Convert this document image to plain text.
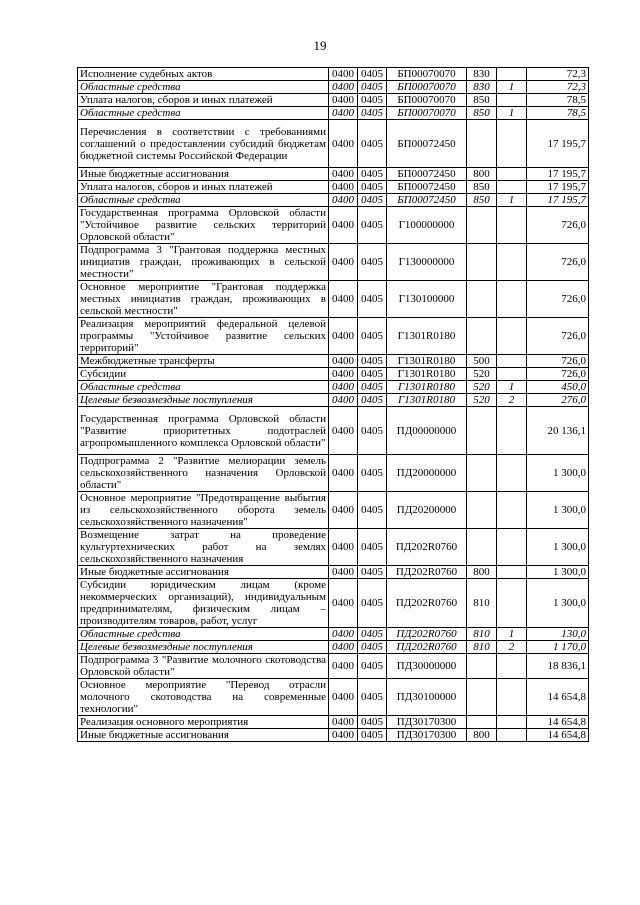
19
Исполнение судебных актов	0400	0405	БП00070070	830		72,3
Областные средства	0400	0405	БП00070070	830	1	72,3
Уплата налогов, сборов и иных платежей	0400	0405	БП00070070	850		78,5
Областные средства	0400	0405	БП00070070	850	1	78,5
Перечисления в соответствии с требованиями соглашений о предоставлении субсидий бюджетам бюджетной системы Российской Федерации	0400	0405	БП00072450			17 195,7
Иные бюджетные ассигнования	0400	0405	БП00072450	800		17 195,7
Уплата налогов, сборов и иных платежей	0400	0405	БП00072450	850		17 195,7
Областные средства	0400	0405	БП00072450	850	1	17 195,7
Государственная программа Орловской области "Устойчивое развитие сельских территорий Орловской области"	0400	0405	Г100000000			726,0
Подпрограмма 3 "Грантовая поддержка местных инициатив граждан, проживающих в сельской местности"	0400	0405	Г130000000			726,0
Основное мероприятие "Грантовая поддержка местных инициатив граждан, проживающих в сельской местности"	0400	0405	Г130100000			726,0
Реализация мероприятий федеральной целевой программы "Устойчивое развитие сельских территорий"	0400	0405	Г1301R0180			726,0
Межбюджетные трансферты	0400	0405	Г1301R0180	500		726,0
Субсидии	0400	0405	Г1301R0180	520		726,0
Областные средства	0400	0405	Г1301R0180	520	1	450,0
Целевые безвозмездные поступления	0400	0405	Г1301R0180	520	2	276,0
Государственная программа Орловской области "Развитие приоритетных подотраслей агропромышленного комплекса Орловской области"	0400	0405	ПД00000000			20 136,1
Подпрограмма 2 "Развитие мелиорации земель сельскохозяйственного назначения Орловской области"	0400	0405	ПД20000000			1 300,0
Основное мероприятие "Предотвращение выбытия из сельскохозяйственного оборота земель сельскохозяйственного назначения"	0400	0405	ПД20200000			1 300,0
Возмещение затрат на проведение культуртехнических работ на землях сельскохозяйственного назначения	0400	0405	ПД202R0760			1 300,0
Иные бюджетные ассигнования	0400	0405	ПД202R0760	800		1 300,0
Субсидии юридическим лицам (кроме некоммерческих организаций), индивидуальным предпринимателям, физическим лицам – производителям товаров, работ, услуг	0400	0405	ПД202R0760	810		1 300,0
Областные средства	0400	0405	ПД202R0760	810	1	130,0
Целевые безвозмездные поступления	0400	0405	ПД202R0760	810	2	1 170,0
Подпрограмма 3 "Развитие молочного скотоводства Орловской области"	0400	0405	ПД30000000			18 836,1
Основное мероприятие "Перевод отрасли молочного скотоводства на современные технологии"	0400	0405	ПД30100000			14 654,8
Реализация основного мероприятия	0400	0405	ПД30170300			14 654,8
Иные бюджетные ассигнования	0400	0405	ПД30170300	800		14 654,8
